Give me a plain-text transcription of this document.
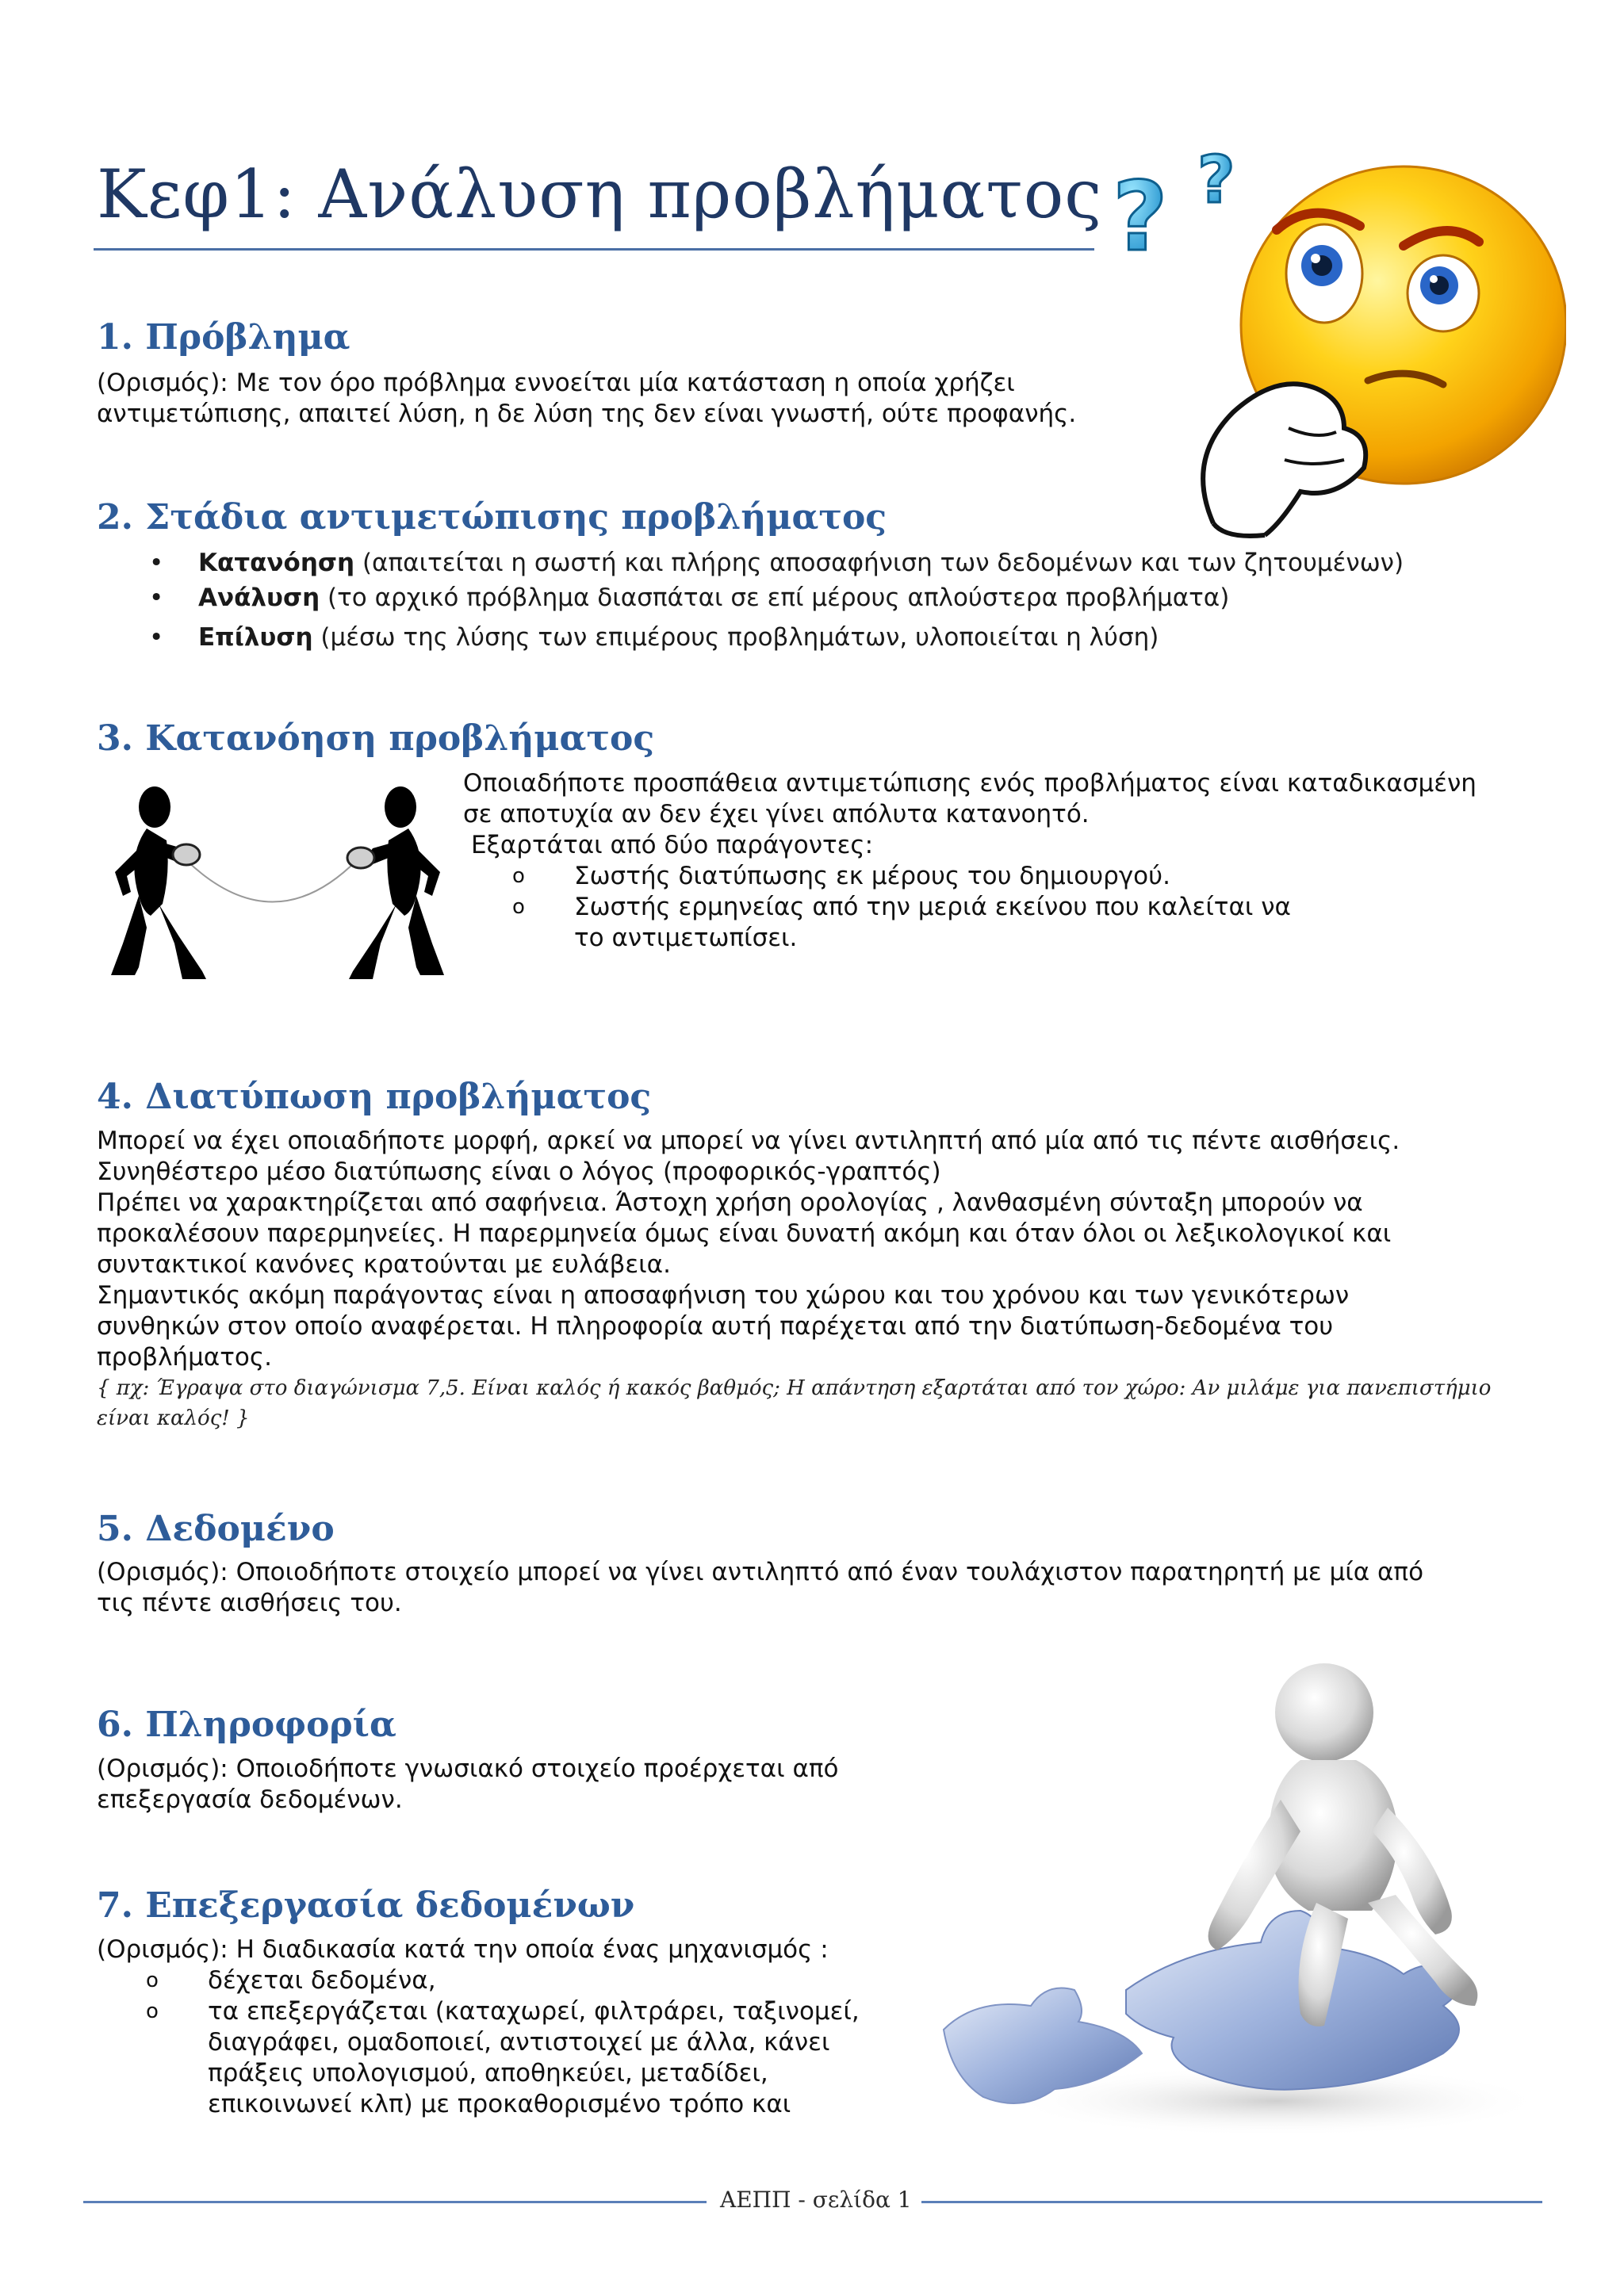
Κεφ1: Ανάλυση προβλήματος ? ?
1. Πρόβλημα
(Ορισμός): Με τον όρο πρόβλημα εννοείται μία κατάσταση η οποία χρήζει
αντιμετώπισης, απαιτεί λύση, η δε λύση της δεν είναι γνωστή, ούτε προφανής.
2. Στάδια αντιμετώπισης προβλήματος
• Κατανόηση (απαιτείται η σωστή και πλήρης αποσαφήνιση των δεδομένων και των ζητουμένων)
• Ανάλυση (το αρχικό πρόβλημα διασπάται σε επί μέρους απλούστερα προβλήματα)
• Επίλυση (μέσω της λύσης των επιμέρους προβλημάτων, υλοποιείται η λύση)
3. Κατανόηση προβλήματος
Οποιαδήποτε προσπάθεια αντιμετώπισης ενός προβλήματος είναι καταδικασμένη
σε αποτυχία αν δεν έχει γίνει απόλυτα κατανοητό.
Εξαρτάται από δύο παράγοντες:
o Σωστής διατύπωσης εκ μέρους του δημιουργού.
o Σωστής ερμηνείας από την μεριά εκείνου που καλείται να το αντιμετωπίσει.
4. Διατύπωση προβλήματος
Μπορεί να έχει οποιαδήποτε μορφή, αρκεί να μπορεί να γίνει αντιληπτή από μία από τις πέντε αισθήσεις.
Συνηθέστερο μέσο διατύπωσης είναι ο λόγος (προφορικός-γραπτός)
Πρέπει να χαρακτηρίζεται από σαφήνεια. Άστοχη χρήση ορολογίας , λανθασμένη σύνταξη μπορούν να
προκαλέσουν παρερμηνείες. Η παρερμηνεία όμως είναι δυνατή ακόμη και όταν όλοι οι λεξικολογικοί και
συντακτικοί κανόνες κρατούνται με ευλάβεια.
Σημαντικός ακόμη παράγοντας είναι η αποσαφήνιση του χώρου και του χρόνου και των γενικότερων
συνθηκών στον οποίο αναφέρεται. Η πληροφορία αυτή παρέχεται από την διατύπωση-δεδομένα του
προβλήματος.
{ πχ: Έγραψα στο διαγώνισμα 7,5. Είναι καλός ή κακός βαθμός; Η απάντηση εξαρτάται από τον χώρο: Αν μιλάμε για πανεπιστήμιο είναι καλός! }
5. Δεδομένο
(Ορισμός): Οποιοδήποτε στοιχείο μπορεί να γίνει αντιληπτό από έναν τουλάχιστον παρατηρητή με μία από
τις πέντε αισθήσεις του.
6. Πληροφορία
(Ορισμός): Οποιοδήποτε γνωσιακό στοιχείο προέρχεται από
επεξεργασία δεδομένων.
7. Επεξεργασία δεδομένων
(Ορισμός): Η διαδικασία κατά την οποία ένας μηχανισμός :
o δέχεται δεδομένα,
o τα επεξεργάζεται (καταχωρεί, φιλτράρει, ταξινομεί, διαγράφει, ομαδοποιεί, αντιστοιχεί με άλλα, κάνει πράξεις υπολογισμού, αποθηκεύει, μεταδίδει, επικοινωνεί κλπ) με προκαθορισμένο τρόπο και
ΑΕΠΠ - σελίδα 1
